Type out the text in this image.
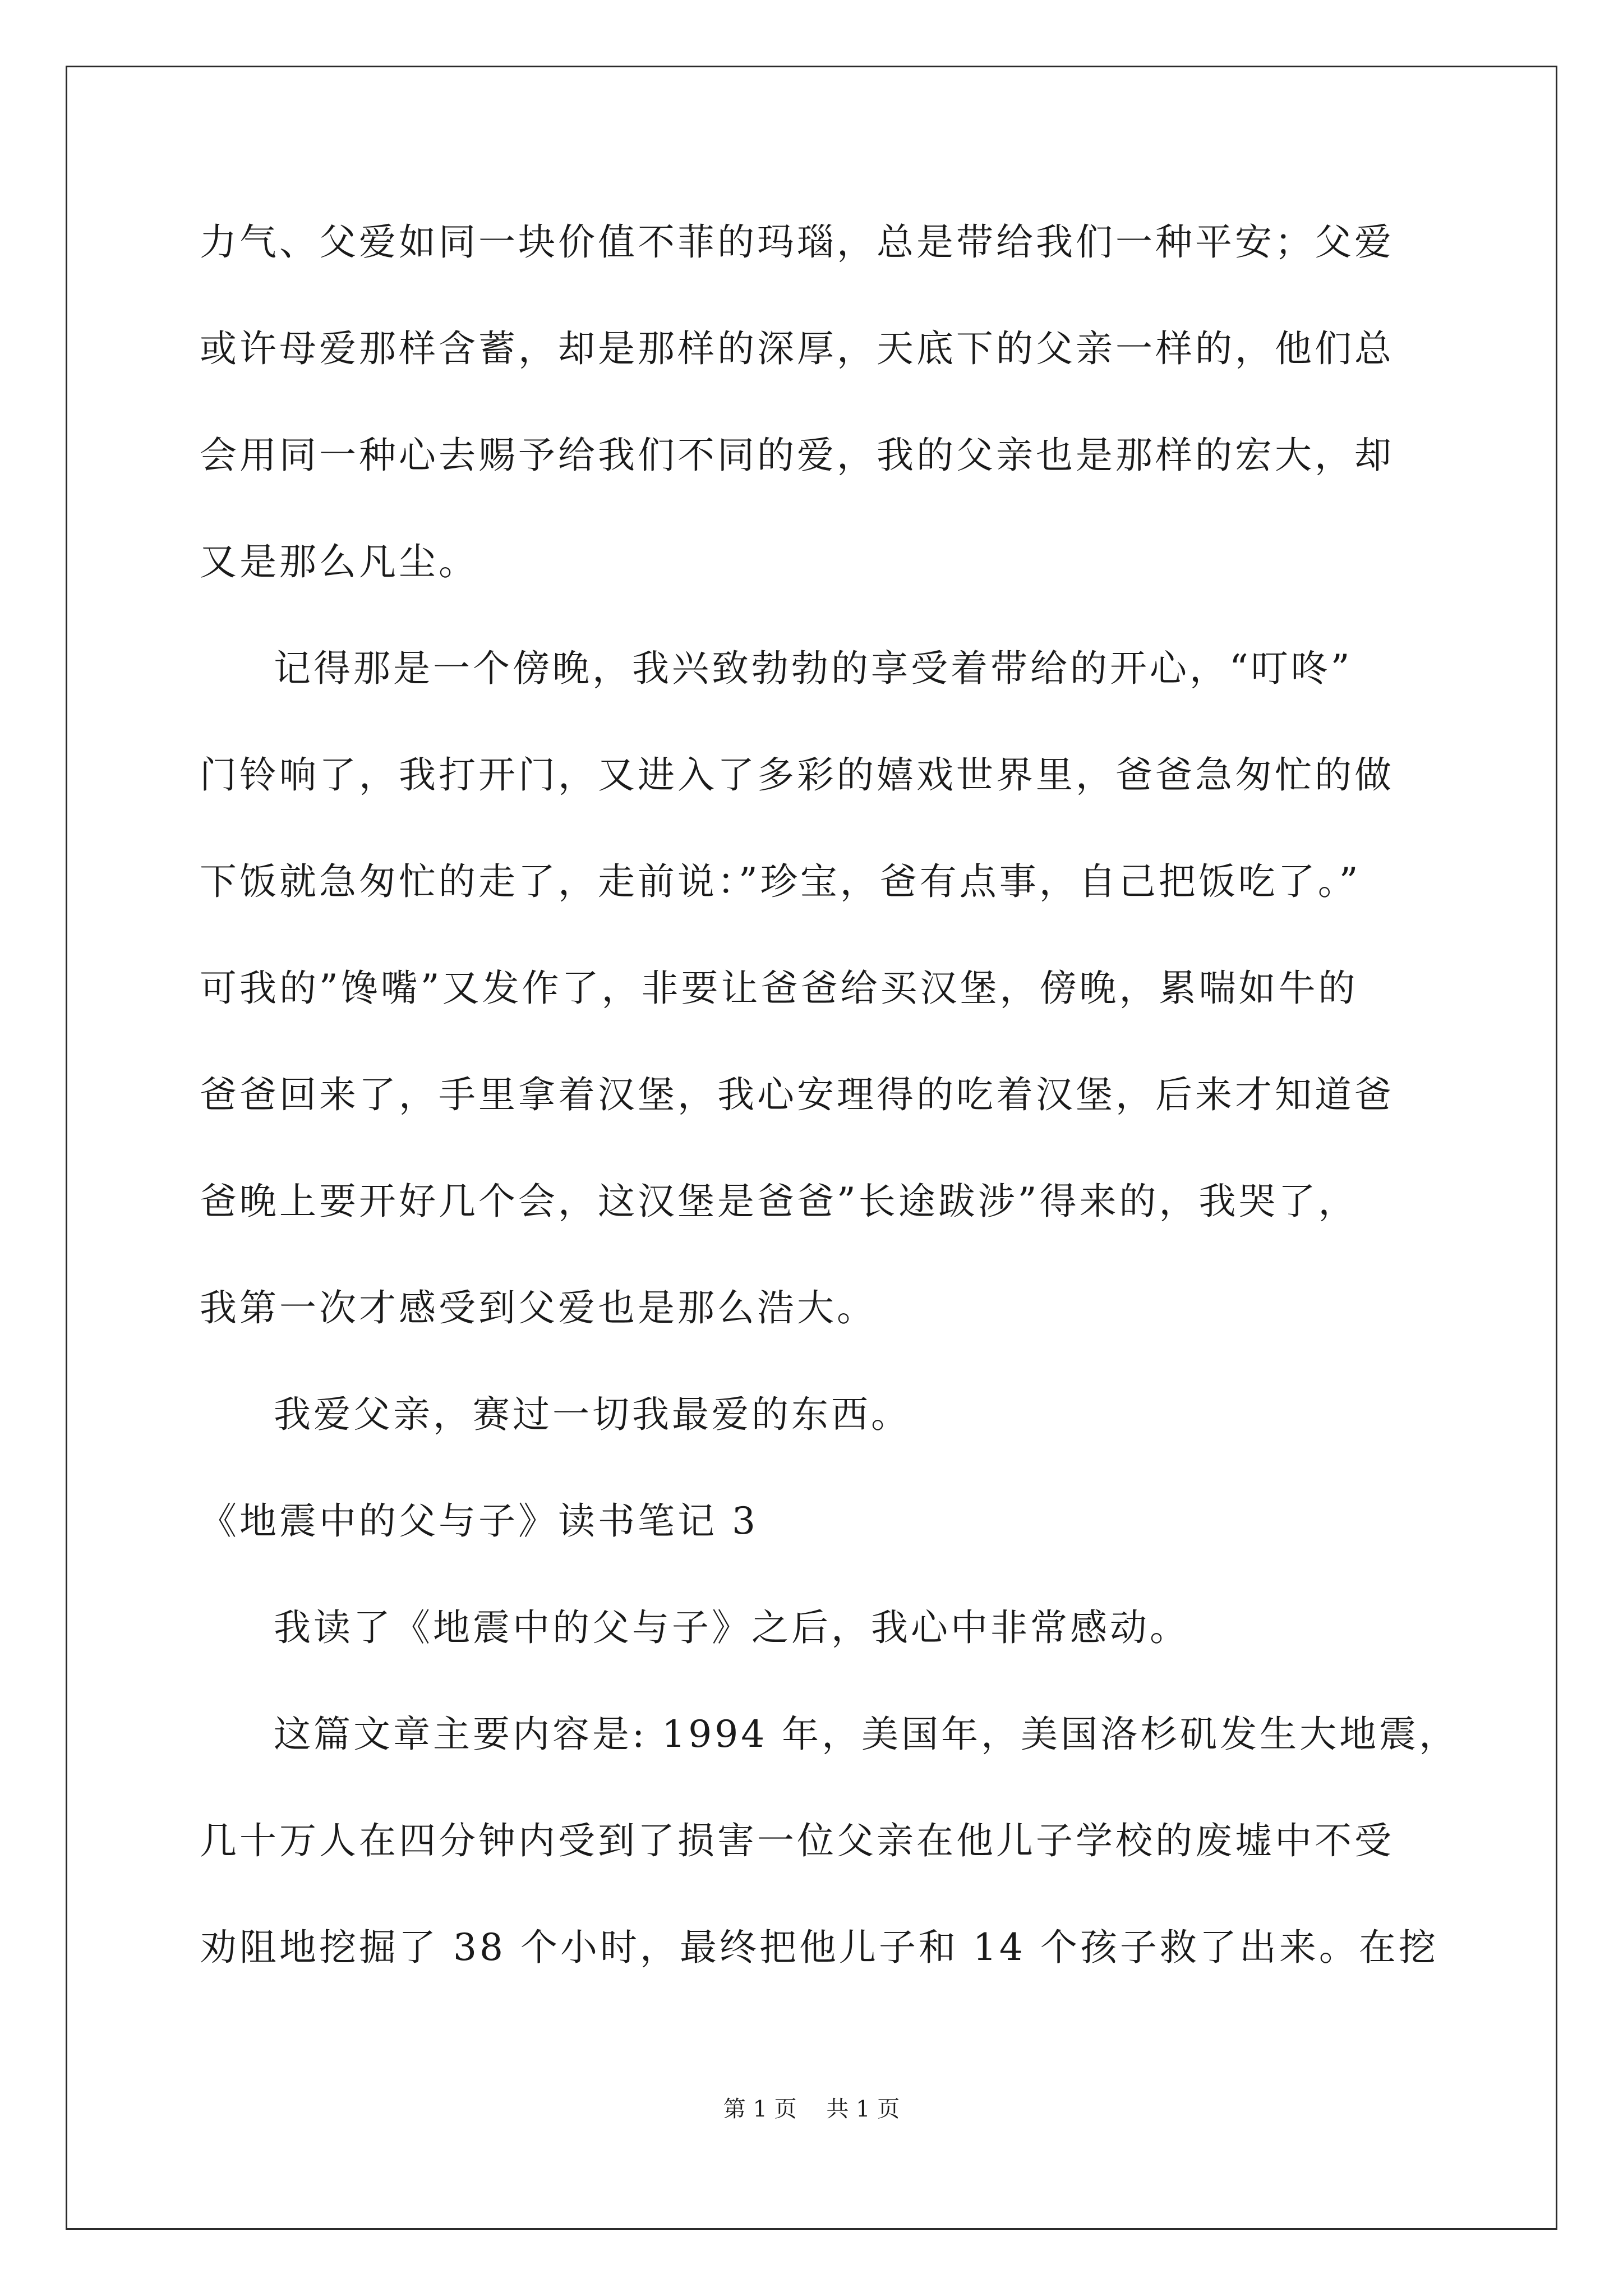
力气、父爱如同一块价值不菲的玛瑙，总是带给我们一种平安；父爱
或许母爱那样含蓄，却是那样的深厚，天底下的父亲一样的，他们总
会用同一种心去赐予给我们不同的爱，我的父亲也是那样的宏大，却
又是那么凡尘。
记得那是一个傍晚，我兴致勃勃的享受着带给的开心，“叮咚”
门铃响了，我打开门，又进入了多彩的嬉戏世界里，爸爸急匆忙的做
下饭就急匆忙的走了，走前说：”珍宝，爸有点事，自己把饭吃了。”
可我的”馋嘴”又发作了，非要让爸爸给买汉堡，傍晚，累喘如牛的
爸爸回来了，手里拿着汉堡，我心安理得的吃着汉堡，后来才知道爸
爸晚上要开好几个会，这汉堡是爸爸”长途跋涉”得来的，我哭了，
我第一次才感受到父爱也是那么浩大。
我爱父亲，赛过一切我最爱的东西。
《地震中的父与子》读书笔记 3
我读了《地震中的父与子》之后，我心中非常感动。
这篇文章主要内容是: 1994 年，美国年，美国洛杉矶发生大地震，
几十万人在四分钟内受到了损害一位父亲在他儿子学校的废墟中不受
劝阻地挖掘了 38 个小时，最终把他儿子和 14 个孩子救了出来。在挖
第 1 页 共 1 页
